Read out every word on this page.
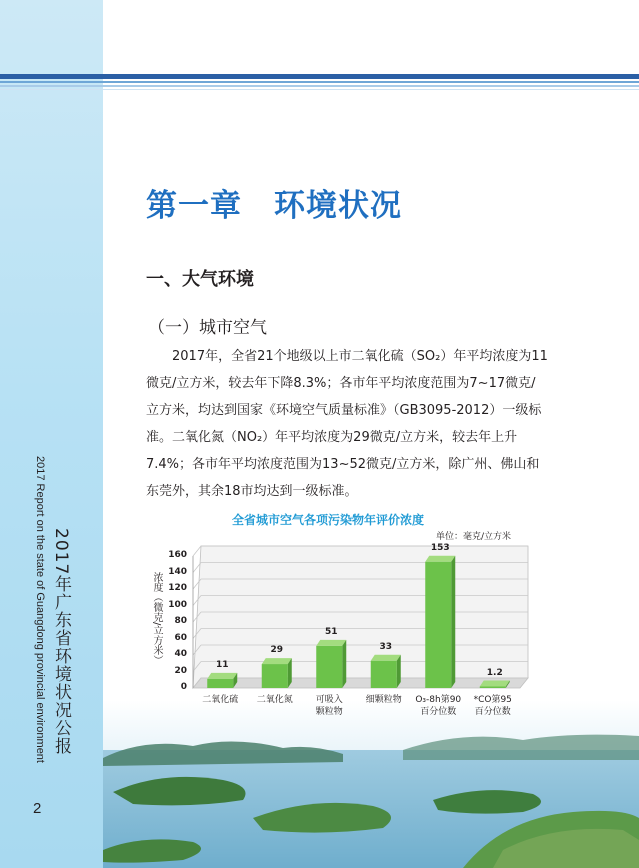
2017 Report on the state of Guangdong provincial environment 2017年广东省环境状况公报
2
第一章　环境状况
一、大气环境
（一）城市空气
2017年，全省21个地级以上市二氧化硫（SO₂）年平均浓度为11微克/立方米，较去年下降8.3%；各市年平均浓度范围为7~17微克/立方米，均达到国家《环境空气质量标准》（GB3095-2012）一级标准。 二氧化氮（NO₂）年平均浓度为29微克/立方米，较去年上升7.4%；各市年平均浓度范围为13~52微克/立方米，除广州、佛山和东莞外，其余18市均达到一级标准。
全省城市空气各项污染物年评价浓度
单位：毫克/立方米
浓度（微克/立方米）
0
20
40
60
80
100
120
140
160
11
二氧化硫
29
二氧化氮
51
可吸入
颗粒物
33
细颗粒物
153
O₃-8h第90
百分位数
1.2
*CO第95
百分位数
